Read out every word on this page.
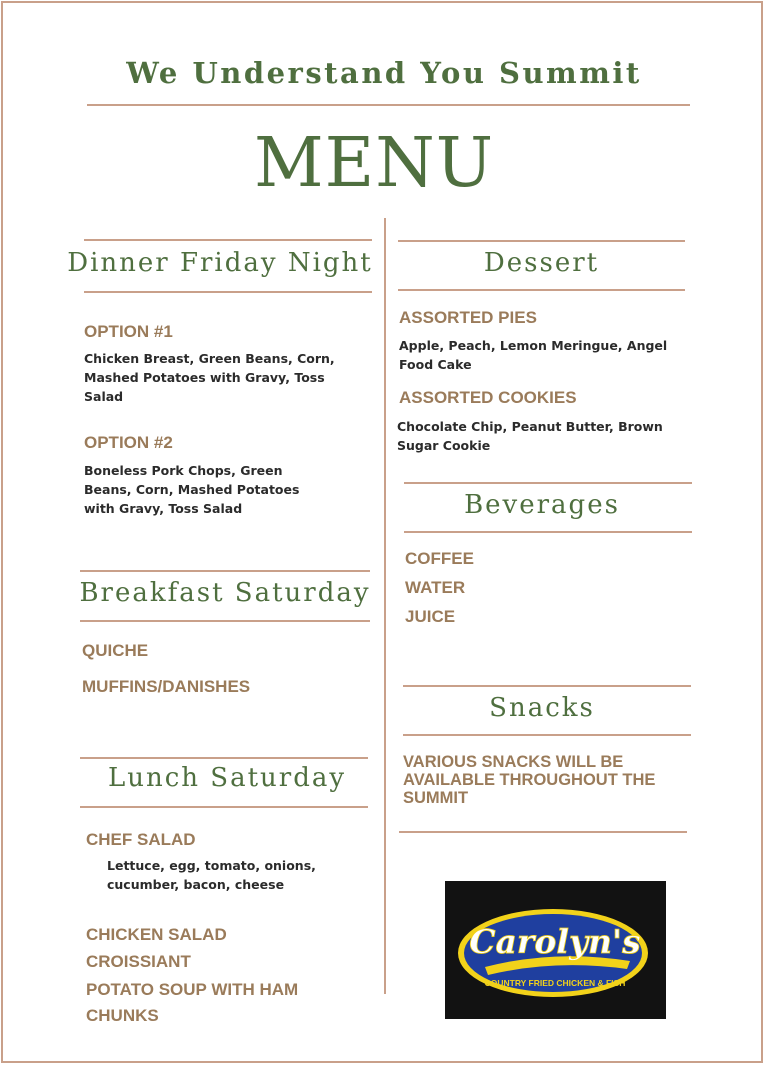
We Understand You Summit
MENU
Dinner Friday Night
OPTION #1
Chicken Breast, Green Beans, Corn, Mashed Potatoes with Gravy, Toss Salad
OPTION #2
Boneless Pork Chops, Green Beans, Corn, Mashed Potatoes with Gravy, Toss Salad
Breakfast Saturday
QUICHE
MUFFINS/DANISHES
Lunch Saturday
CHEF SALAD
Lettuce, egg, tomato, onions, cucumber, bacon, cheese
CHICKEN SALAD
CROISSIANT
POTATO SOUP WITH HAM
CHUNKS
Dessert
ASSORTED PIES
Apple, Peach, Lemon Meringue, Angel Food Cake
ASSORTED COOKIES
Chocolate Chip, Peanut Butter, Brown Sugar Cookie
Beverages
COFFEE
WATER
JUICE
Snacks
VARIOUS SNACKS WILL BE AVAILABLE THROUGHOUT THE SUMMIT
Carolyn's
COUNTRY FRIED CHICKEN & FISH
